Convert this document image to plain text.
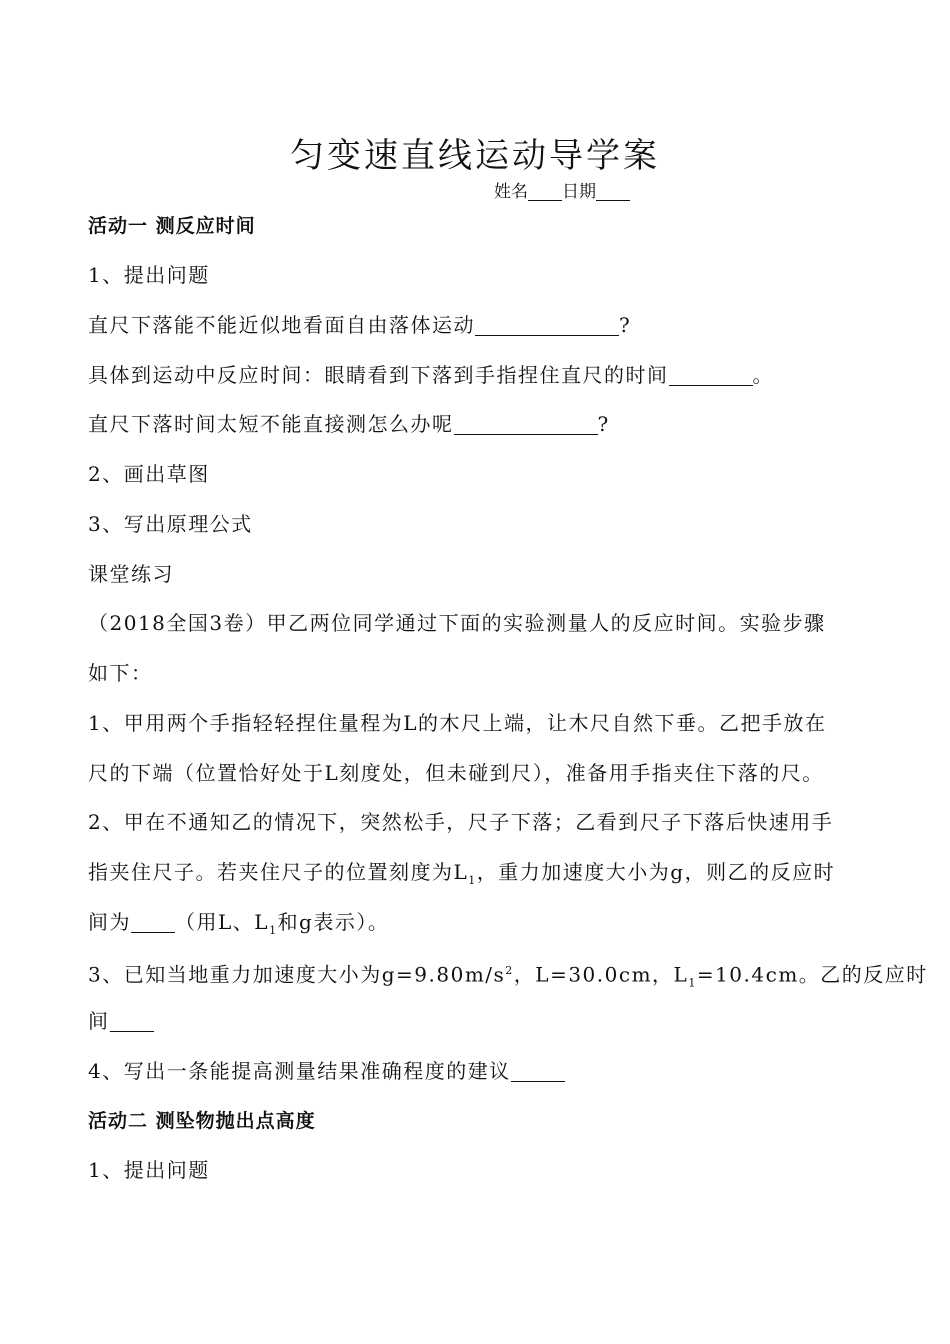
匀变速直线运动导学案
姓名 日期
活动一 测反应时间
1、提出问题
直尺下落能不能近似地看面自由落体运动	?
具体到运动中反应时间：眼睛看到下落到手指捏住直尺的时间	。
直尺下落时间太短不能直接测怎么办呢	?
2、画出草图
3、写出原理公式
课堂练习
（2018全国3卷）甲乙两位同学通过下面的实验测量人的反应时间。实验步骤
如下：
1、甲用两个手指轻轻捏住量程为L的木尺上端，让木尺自然下垂。乙把手放在
尺的下端（位置恰好处于L刻度处，但未碰到尺），准备用手指夹住下落的尺。
2、甲在不通知乙的情况下，突然松手，尺子下落；乙看到尺子下落后快速用手
指夹住尺子。若夹住尺子的位置刻度为$L_1$，重力加速度大小为g，则乙的反应时
间为 （用L、$L_1$和g表示）。
3、已知当地重力加速度大小为$g=9.80m/s^2$，L=30.0cm，$L_1=10.4cm$。乙的反应时
间
4、写出一条能提高测量结果准确程度的建议
活动二 测坠物抛出点高度
1、提出问题
